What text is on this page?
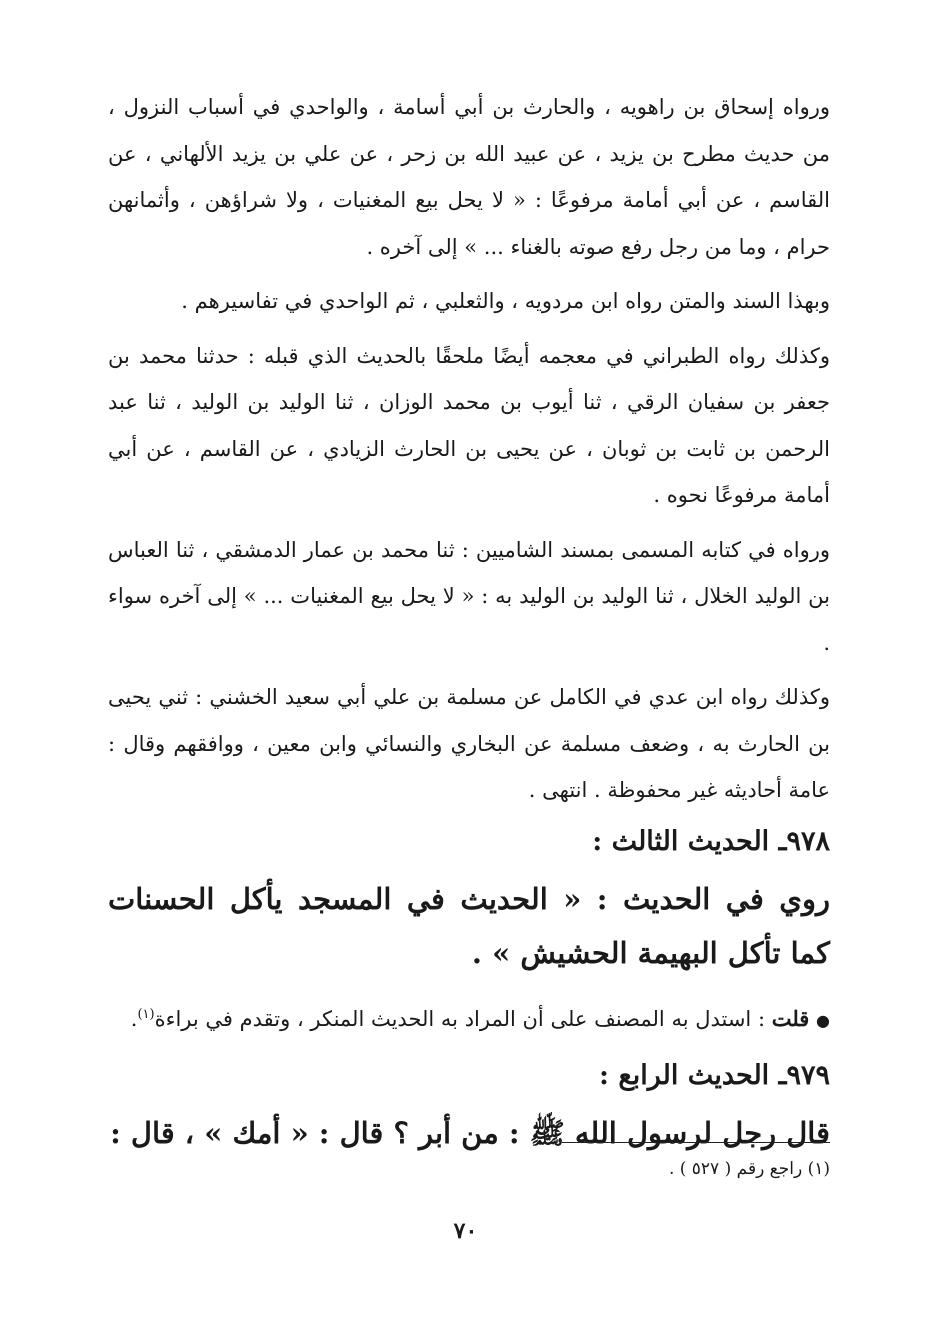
ورواه إسحاق بن راهويه ، والحارث بن أبي أسامة ، والواحدي في أسباب النزول ، من حديث مطرح بن يزيد ، عن عبيد الله بن زحر ، عن علي بن يزيد الألهاني ، عن القاسم ، عن أبي أمامة مرفوعًا : « لا يحل بيع المغنيات ، ولا شراؤهن ، وأثمانهن حرام ، وما من رجل رفع صوته بالغناء ... » إلى آخره .

وبهذا السند والمتن رواه ابن مردويه ، والثعلبي ، ثم الواحدي في تفاسيرهم .

وكذلك رواه الطبراني في معجمه أيضًا ملحقًا بالحديث الذي قبله : حدثنا محمد بن جعفر بن سفيان الرقي ، ثنا أيوب بن محمد الوزان ، ثنا الوليد بن الوليد ، ثنا عبد الرحمن بن ثابت بن ثوبان ، عن يحيى بن الحارث الزيادي ، عن القاسم ، عن أبي أمامة مرفوعًا نحوه .

ورواه في كتابه المسمى بمسند الشاميين : ثنا محمد بن عمار الدمشقي ، ثنا العباس بن الوليد الخلال ، ثنا الوليد بن الوليد به : « لا يحل بيع المغنيات ... » إلى آخره سواء .

وكذلك رواه ابن عدي في الكامل عن مسلمة بن علي أبي سعيد الخشني : ثني يحيى بن الحارث به ، وضعف مسلمة عن البخاري والنسائي وابن معين ، ووافقهم وقال : عامة أحاديثه غير محفوظة . انتهى .

٩٧٨ـ الحديث الثالث :
روي في الحديث : « الحديث في المسجد يأكل الحسنات كما تأكل البهيمة الحشيش » .
● قلت : استدل به المصنف على أن المراد به الحديث المنكر ، وتقدم في براءة$^{(١)}$.
٩٧٩ـ الحديث الرابع :
قال رجل لرسول الله ﷺ : من أبر ؟ قال : « أمك » ، قال :
(١) راجع رقم ( ٥٢٧ ) .
٧٠
